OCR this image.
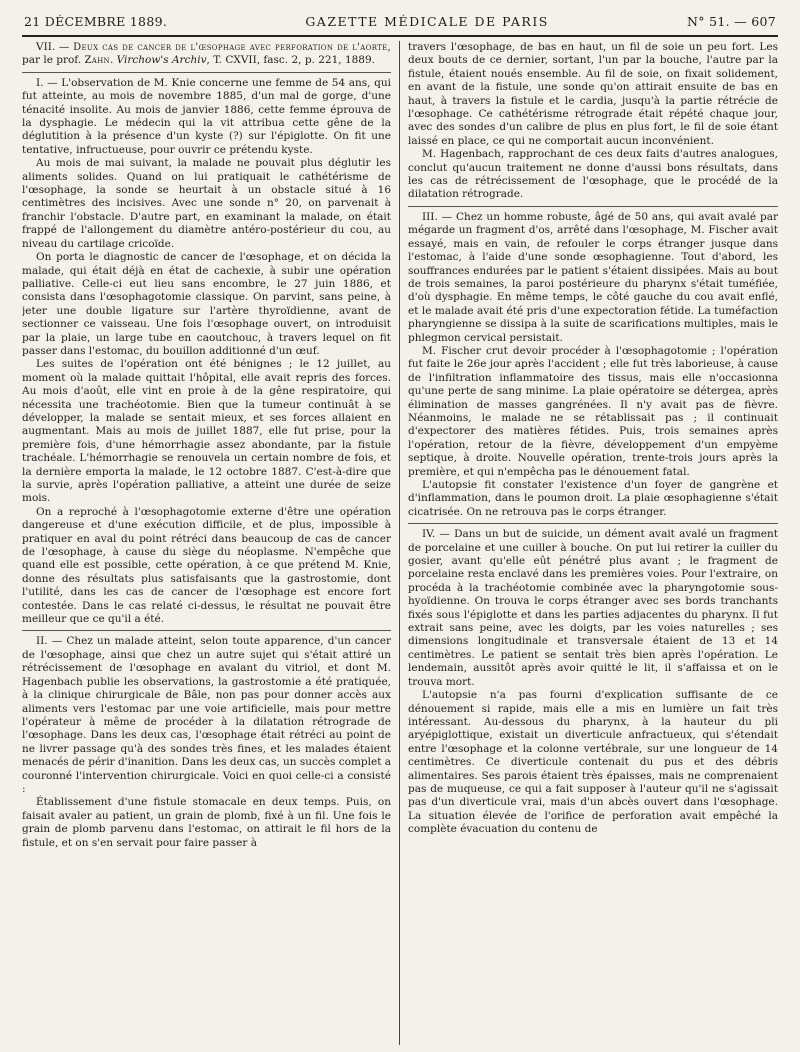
21 DÉCEMBRE 1889.	GAZETTE MÉDICALE DE PARIS	N° 51. — 607

VII. — Deux cas de cancer de l'œsophage avec perforation de l'aorte, par le prof. Zahn. Virchow's Archiv, T. CXVII, fasc. 2, p. 221, 1889.

I. — L'observation de M. Knie concerne une femme de 54 ans, qui fut atteinte, au mois de novembre 1885, d'un mal de gorge, d'une ténacité insolite. Au mois de janvier 1886, cette femme éprouva de la dysphagie. Le médecin qui la vit attribua cette gêne de la déglutition à la présence d'un kyste (?) sur l'épiglotte. On fit une tentative, infructueuse, pour ouvrir ce prétendu kyste.

Au mois de mai suivant, la malade ne pouvait plus déglutir les aliments solides. Quand on lui pratiquait le cathétérisme de l'œsophage, la sonde se heurtait à un obstacle situé à 16 centimètres des incisives. Avec une sonde n° 20, on parvenait à franchir l'obstacle. D'autre part, en examinant la malade, on était frappé de l'allongement du diamètre antéro-postérieur du cou, au niveau du cartilage cricoïde.

On porta le diagnostic de cancer de l'œsophage, et on décida la malade, qui était déjà en état de cachexie, à subir une opération palliative. Celle-ci eut lieu sans encombre, le 27 juin 1886, et consista dans l'œsophagotomie classique. On parvint, sans peine, à jeter une double ligature sur l'artère thyroïdienne, avant de sectionner ce vaisseau. Une fois l'œsophage ouvert, on introduisit par la plaie, un large tube en caoutchouc, à travers lequel on fit passer dans l'estomac, du bouillon additionné d'un œuf.

Les suites de l'opération ont été bénignes ; le 12 juillet, au moment où la malade quittait l'hôpital, elle avait repris des forces. Au mois d'août, elle vint en proie à de la gêne respiratoire, qui nécessita une trachéotomie. Bien que la tumeur continuât à se développer, la malade se sentait mieux, et ses forces allaient en augmentant. Mais au mois de juillet 1887, elle fut prise, pour la première fois, d'une hémorrhagie assez abondante, par la fistule trachéale. L'hémorrhagie se renouvela un certain nombre de fois, et la dernière emporta la malade, le 12 octobre 1887. C'est-à-dire que la survie, après l'opération palliative, a atteint une durée de seize mois.

On a reproché à l'œsophagotomie externe d'être une opération dangereuse et d'une exécution difficile, et de plus, impossible à pratiquer en aval du point rétréci dans beaucoup de cas de cancer de l'œsophage, à cause du siège du néoplasme. N'empêche que quand elle est possible, cette opération, à ce que prétend M. Knie, donne des résultats plus satisfaisants que la gastrostomie, dont l'utilité, dans les cas de cancer de l'œsophage est encore fort contestée. Dans le cas relaté ci-dessus, le résultat ne pouvait être meilleur que ce qu'il a été.

II. — Chez un malade atteint, selon toute apparence, d'un cancer de l'œsophage, ainsi que chez un autre sujet qui s'était attiré un rétrécissement de l'œsophage en avalant du vitriol, et dont M. Hagenbach publie les observations, la gastrostomie a été pratiquée, à la clinique chirurgicale de Bâle, non pas pour donner accès aux aliments vers l'estomac par une voie artificielle, mais pour mettre l'opérateur à même de procéder à la dilatation rétrograde de l'œsophage. Dans les deux cas, l'œsophage était rétréci au point de ne livrer passage qu'à des sondes très fines, et les malades étaient menacés de périr d'inanition. Dans les deux cas, un succès complet a couronné l'intervention chirurgicale. Voici en quoi celle-ci a consisté :

Établissement d'une fistule stomacale en deux temps. Puis, on faisait avaler au patient, un grain de plomb, fixé à un fil. Une fois le grain de plomb parvenu dans l'estomac, on attirait le fil hors de la fistule, et on s'en servait pour faire passer à

travers l'œsophage, de bas en haut, un fil de soie un peu fort. Les deux bouts de ce dernier, sortant, l'un par la bouche, l'autre par la fistule, étaient noués ensemble. Au fil de soie, on fixait solidement, en avant de la fistule, une sonde qu'on attirait ensuite de bas en haut, à travers la fistule et le cardia, jusqu'à la partie rétrécie de l'œsophage. Ce cathétérisme rétrograde était répété chaque jour, avec des sondes d'un calibre de plus en plus fort, le fil de soie étant laissé en place, ce qui ne comportait aucun inconvénient.

M. Hagenbach, rapprochant de ces deux faits d'autres analogues, conclut qu'aucun traitement ne donne d'aussi bons résultats, dans les cas de rétrécissement de l'œsophage, que le procédé de la dilatation rétrograde.

III. — Chez un homme robuste, âgé de 50 ans, qui avait avalé par mégarde un fragment d'os, arrêté dans l'œsophage, M. Fischer avait essayé, mais en vain, de refouler le corps étranger jusque dans l'estomac, à l'aide d'une sonde œsophagienne. Tout d'abord, les souffrances endurées par le patient s'étaient dissipées. Mais au bout de trois semaines, la paroi postérieure du pharynx s'était tuméfiée, d'où dysphagie. En même temps, le côté gauche du cou avait enflé, et le malade avait été pris d'une expectoration fétide. La tuméfaction pharyngienne se dissipa à la suite de scarifications multiples, mais le phlegmon cervical persistait.

M. Fischer crut devoir procéder à l'œsophagotomie ; l'opération fut faite le 26e jour après l'accident ; elle fut très laborieuse, à cause de l'infiltration inflammatoire des tissus, mais elle n'occasionna qu'une perte de sang minime. La plaie opératoire se détergea, après élimination de masses gangrénées. Il n'y avait pas de fièvre. Néanmoins, le malade ne se rétablissait pas ; il continuait d'expectorer des matières fétides. Puis, trois semaines après l'opération, retour de la fièvre, développement d'un empyème septique, à droite. Nouvelle opération, trente-trois jours après la première, et qui n'empêcha pas le dénouement fatal.

L'autopsie fit constater l'existence d'un foyer de gangrène et d'inflammation, dans le poumon droit. La plaie œsophagienne s'était cicatrisée. On ne retrouva pas le corps étranger.

IV. — Dans un but de suicide, un dément avait avalé un fragment de porcelaine et une cuiller à bouche. On put lui retirer la cuiller du gosier, avant qu'elle eût pénétré plus avant ; le fragment de porcelaine resta enclavé dans les premières voies. Pour l'extraire, on procéda à la trachéotomie combinée avec la pharyngotomie sous-hyoïdienne. On trouva le corps étranger avec ses bords tranchants fixés sous l'épiglotte et dans les parties adjacentes du pharynx. Il fut extrait sans peine, avec les doigts, par les voies naturelles ; ses dimensions longitudinale et transversale étaient de 13 et 14 centimètres. Le patient se sentait très bien après l'opération. Le lendemain, aussitôt après avoir quitté le lit, il s'affaissa et on le trouva mort.

L'autopsie n'a pas fourni d'explication suffisante de ce dénouement si rapide, mais elle a mis en lumière un fait très intéressant. Au-dessous du pharynx, à la hauteur du pli aryépiglottique, existait un diverticule anfractueux, qui s'étendait entre l'œsophage et la colonne vertébrale, sur une longueur de 14 centimètres. Ce diverticule contenait du pus et des débris alimentaires. Ses parois étaient très épaisses, mais ne comprenaient pas de muqueuse, ce qui a fait supposer à l'auteur qu'il ne s'agissait pas d'un diverticule vrai, mais d'un abcès ouvert dans l'œsophage. La situation élevée de l'orifice de perforation avait empêché la complète évacuation du contenu de
